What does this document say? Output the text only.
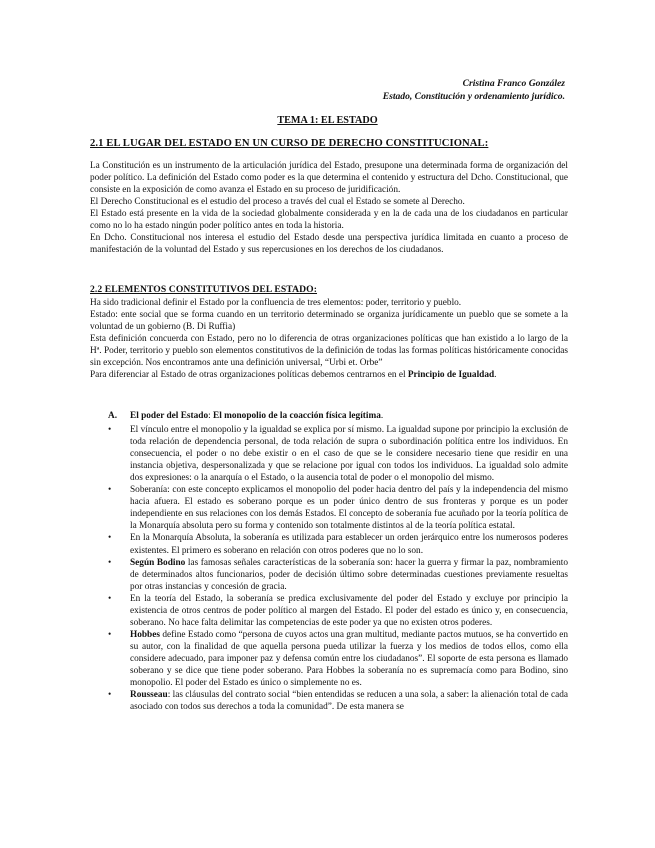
Cristina Franco González
Estado, Constitución y ordenamiento jurídico.
TEMA 1: EL ESTADO
2.1 EL LUGAR DEL ESTADO EN UN CURSO DE DERECHO CONSTITUCIONAL:

La Constitución es un instrumento de la articulación jurídica del Estado, presupone una determinada forma de organización del poder político. La definición del Estado como poder es la que determina el contenido y estructura del Dcho. Constitucional, que consiste en la exposición de como avanza el Estado en su proceso de juridificación.

El Derecho Constitucional es el estudio del proceso a través del cual el Estado se somete al Derecho.

El Estado está presente en la vida de la sociedad globalmente considerada y en la de cada una de los ciudadanos en particular como no lo ha estado ningún poder político antes en toda la historia.

En Dcho. Constitucional nos interesa el estudio del Estado desde una perspectiva jurídica limitada en cuanto a proceso de manifestación de la voluntad del Estado y sus repercusiones en los derechos de los ciudadanos.

2.2 ELEMENTOS CONSTITUTIVOS DEL ESTADO:

Ha sido tradicional definir el Estado por la confluencia de tres elementos: poder, territorio y pueblo.

Estado: ente social que se forma cuando en un territorio determinado se organiza jurídicamente un pueblo que se somete a la voluntad de un gobierno (B. Di Ruffia)

Esta definición concuerda con Estado, pero no lo diferencia de otras organizaciones políticas que han existido a lo largo de la Hª. Poder, territorio y pueblo son elementos constitutivos de la definición de todas las formas políticas históricamente conocidas sin excepción. Nos encontramos ante una definición universal, “Urbi et. Orbe”

Para diferenciar al Estado de otras organizaciones políticas debemos centrarnos en el Principio de Igualdad.

A. El poder del Estado: El monopolio de la coacción física legítima.
• El vínculo entre el monopolio y la igualdad se explica por sí mismo. La igualdad supone por principio la exclusión de toda relación de dependencia personal, de toda relación de supra o subordinación política entre los individuos. En consecuencia, el poder o no debe existir o en el caso de que se le considere necesario tiene que residir en una instancia objetiva, despersonalizada y que se relacione por igual con todos los individuos. La igualdad solo admite dos expresiones: o la anarquía o el Estado, o la ausencia total de poder o el monopolio del mismo.
• Soberanía: con este concepto explicamos el monopolio del poder hacia dentro del país y la independencia del mismo hacia afuera. El estado es soberano porque es un poder único dentro de sus fronteras y porque es un poder independiente en sus relaciones con los demás Estados. El concepto de soberanía fue acuñado por la teoría política de la Monarquía absoluta pero su forma y contenido son totalmente distintos al de la teoría política estatal.
• En la Monarquía Absoluta, la soberanía es utilizada para establecer un orden jerárquico entre los numerosos poderes existentes. El primero es soberano en relación con otros poderes que no lo son.
• Según Bodino las famosas señales características de la soberanía son: hacer la guerra y firmar la paz, nombramiento de determinados altos funcionarios, poder de decisión último sobre determinadas cuestiones previamente resueltas por otras instancias y concesión de gracia.
• En la teoría del Estado, la soberanía se predica exclusivamente del poder del Estado y excluye por principio la existencia de otros centros de poder político al margen del Estado. El poder del estado es único y, en consecuencia, soberano. No hace falta delimitar las competencias de este poder ya que no existen otros poderes.
• Hobbes define Estado como “persona de cuyos actos una gran multitud, mediante pactos mutuos, se ha convertido en su autor, con la finalidad de que aquella persona pueda utilizar la fuerza y los medios de todos ellos, como ella considere adecuado, para imponer paz y defensa común entre los ciudadanos”. El soporte de esta persona es llamado soberano y se dice que tiene poder soberano. Para Hobbes la soberanía no es supremacía como para Bodino, sino monopolio. El poder del Estado es único o simplemente no es.
• Rousseau: las cláusulas del contrato social “bien entendidas se reducen a una sola, a saber: la alienación total de cada asociado con todos sus derechos a toda la comunidad”. De esta manera se
